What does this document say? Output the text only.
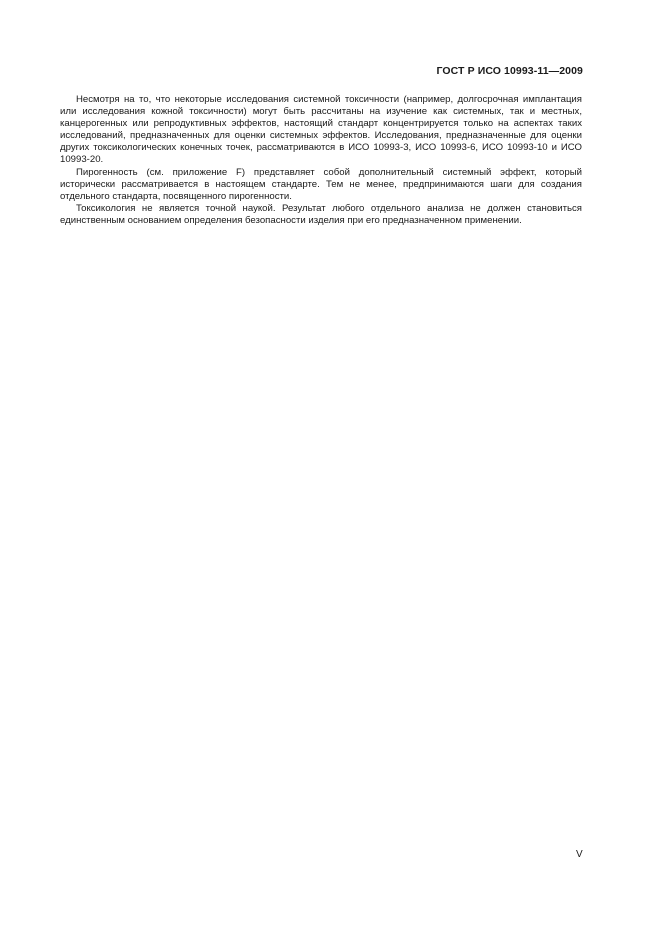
ГОСТ Р ИСО 10993-11—2009

Несмотря на то, что некоторые исследования системной токсичности (например, долгосрочная имплантация или исследования кожной токсичности) могут быть рассчитаны на изучение как системных, так и местных, канцерогенных или репродуктивных эффектов, настоящий стандарт концентрируется только на аспектах таких исследований, предназначенных для оценки системных эффектов. Исследования, предназначенные для оценки других токсикологических конечных точек, рассматриваются в ИСО 10993-3, ИСО 10993-6, ИСО 10993-10 и ИСО 10993-20.

Пирогенность (см. приложение F) представляет собой дополнительный системный эффект, который исторически рассматривается в настоящем стандарте. Тем не менее, предпринимаются шаги для создания отдельного стандарта, посвященного пирогенности.

Токсикология не является точной наукой. Результат любого отдельного анализа не должен становиться единственным основанием определения безопасности изделия при его предназначенном применении.

V
